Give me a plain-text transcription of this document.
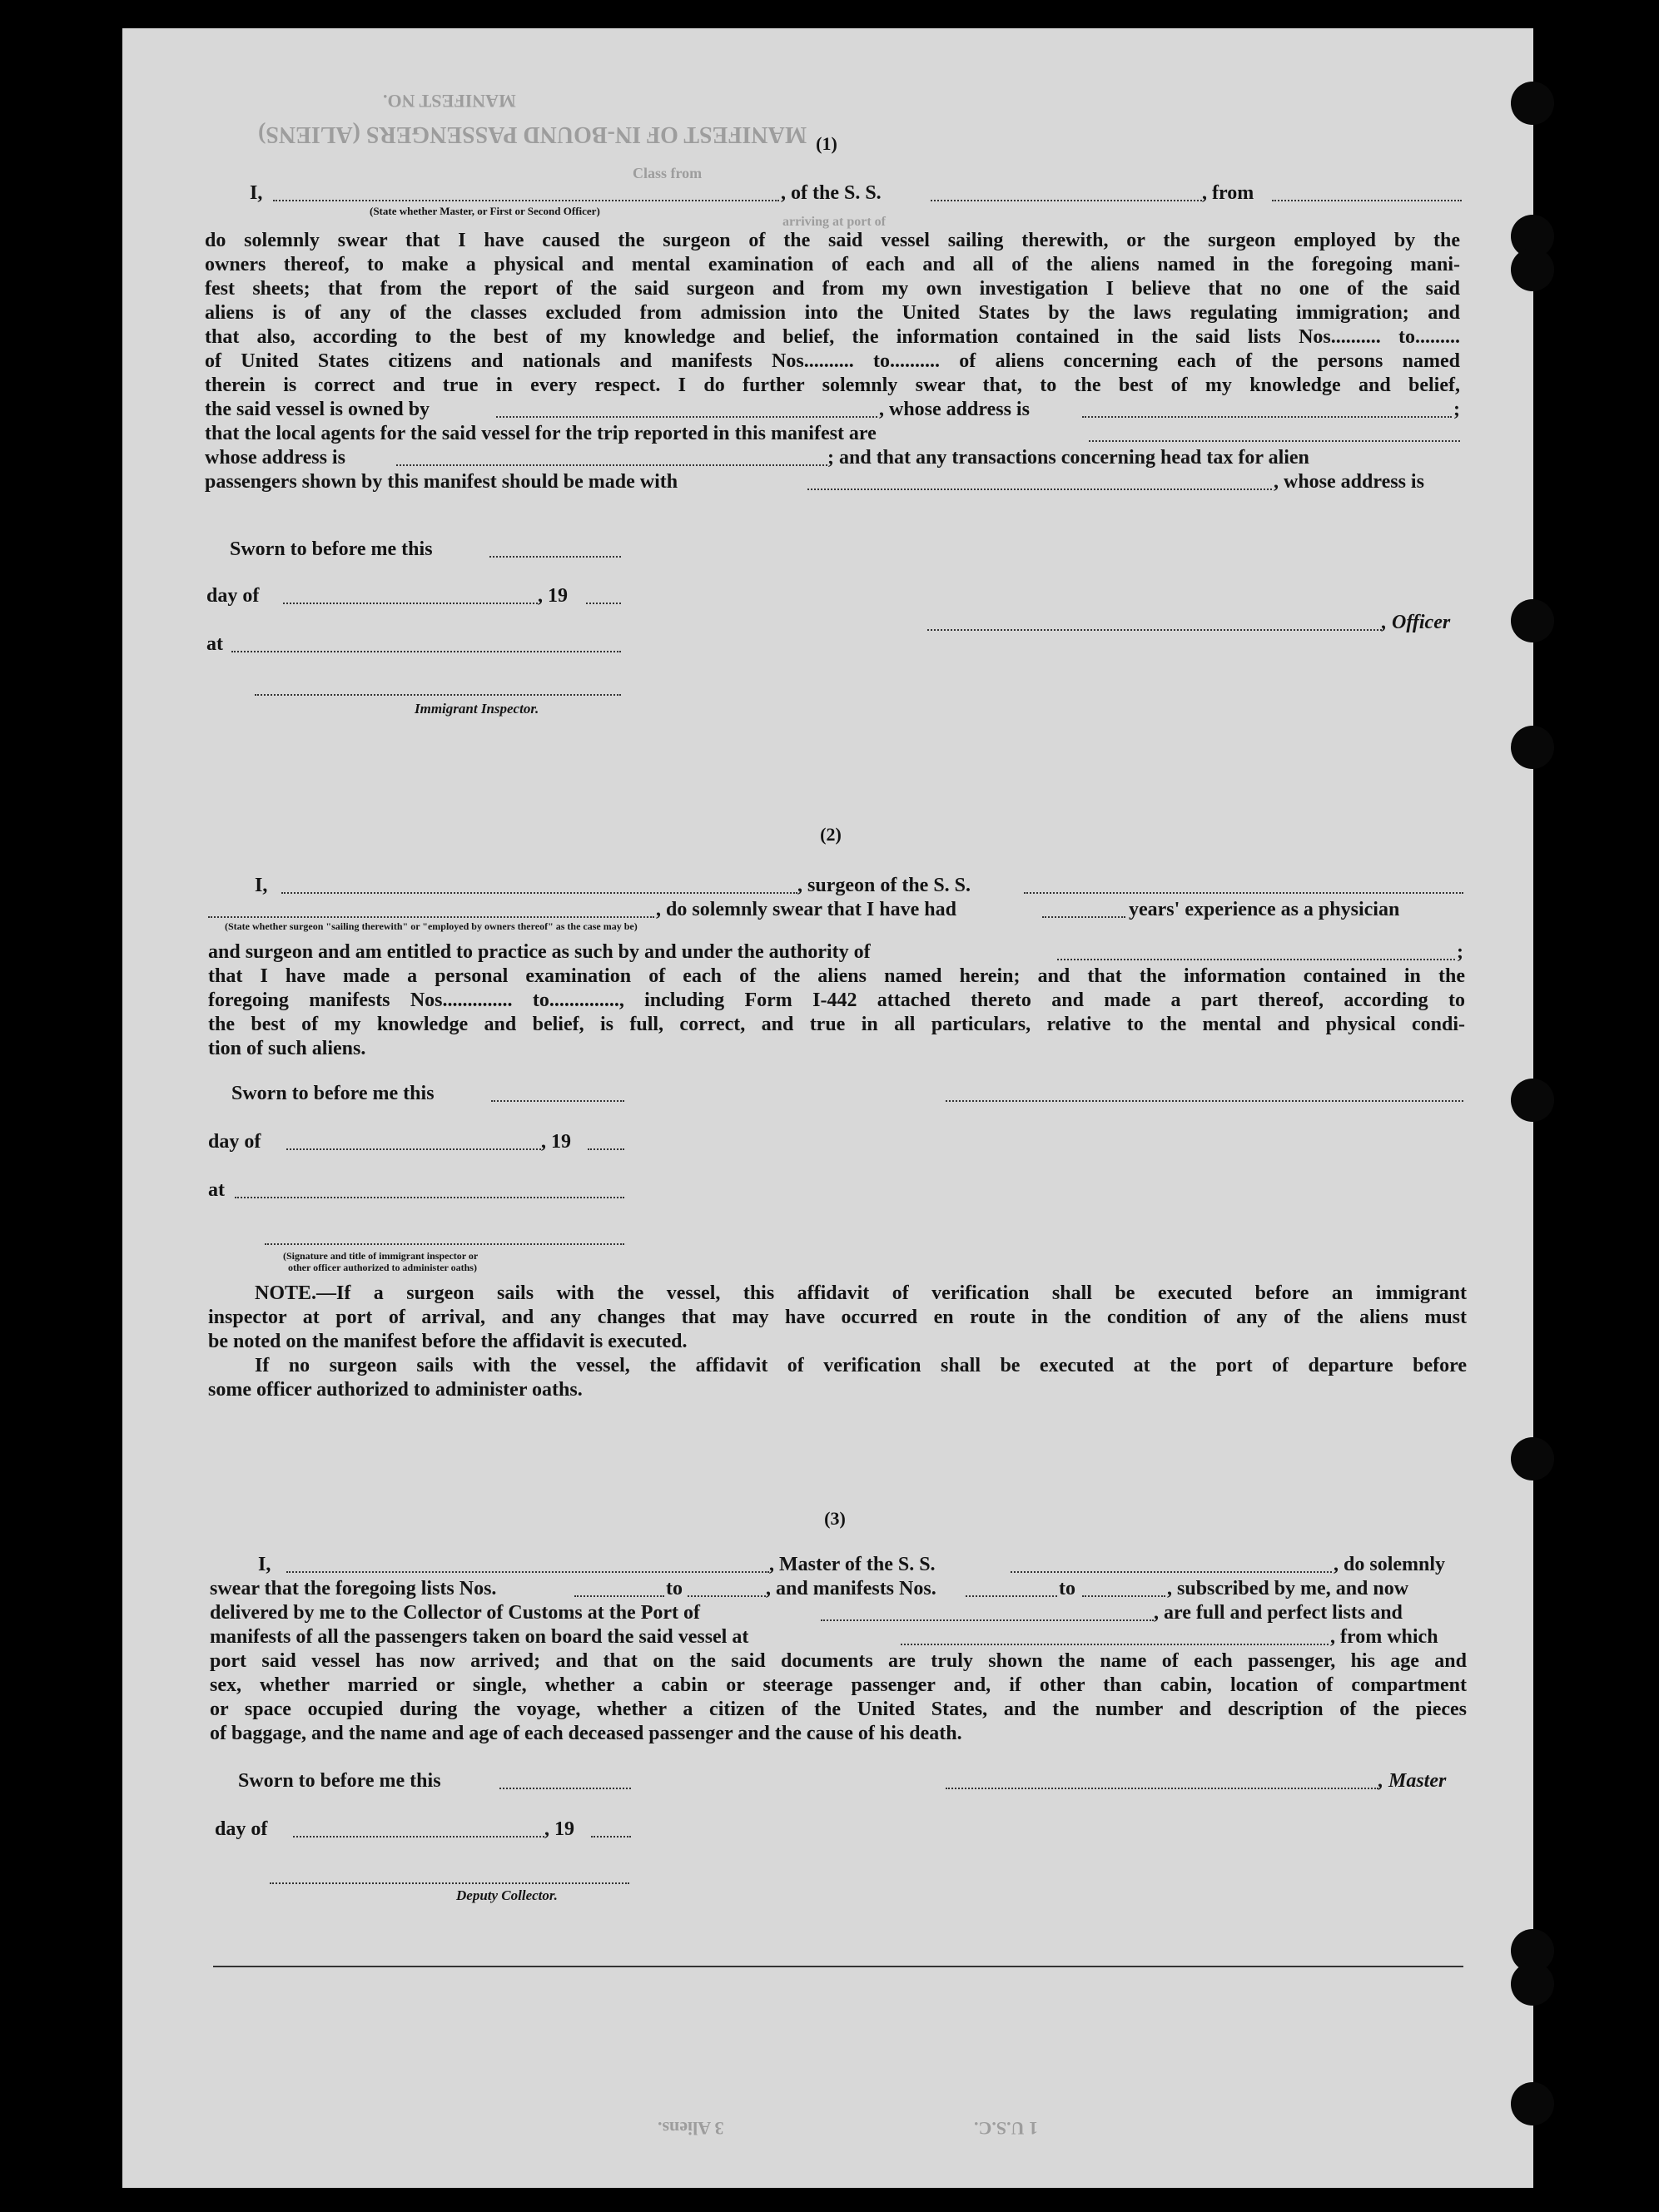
MANIFEST NO.
MANIFEST OF IN-BOUND PASSENGERS (ALIENS)
Class from
arriving at port of
(1)
I,	, of the S. S.	, from
(State whether Master, or First or Second Officer)
do solemnly swear that I have caused the surgeon of the said vessel sailing therewith, or the surgeon employed by the
owners thereof, to make a physical and mental examination of each and all of the aliens named in the foregoing mani-
fest sheets; that from the report of the said surgeon and from my own investigation I believe that no one of the said
aliens is of any of the classes excluded from admission into the United States by the laws regulating immigration; and
that also, according to the best of my knowledge and belief, the information contained in the said lists Nos.......... to.........
of United States citizens and nationals and manifests Nos.......... to.......... of aliens concerning each of the persons named
therein is correct and true in every respect. I do further solemnly swear that, to the best of my knowledge and belief,
the said vessel is owned by	, whose address is	;
that the local agents for the said vessel for the trip reported in this manifest are
whose address is	; and that any transactions concerning head tax for alien
passengers shown by this manifest should be made with	, whose address is
Sworn to before me this
day of	, 19
at
Immigrant Inspector.
, Officer
(2)
I,	, surgeon of the S. S.
, do solemnly swear that I have had	years' experience as a physician
(State whether surgeon "sailing therewith" or "employed by owners thereof" as the case may be)
and surgeon and am entitled to practice as such by and under the authority of	;
that I have made a personal examination of each of the aliens named herein; and that the information contained in the
foregoing manifests Nos.............. to.............., including Form I-442 attached thereto and made a part thereof, according to
the best of my knowledge and belief, is full, correct, and true in all particulars, relative to the mental and physical condi-
tion of such aliens.
Sworn to before me this
day of	, 19
at
(Signature and title of immigrant inspector or
other officer authorized to administer oaths)
NOTE.—If a surgeon sails with the vessel, this affidavit of verification shall be executed before an immigrant
inspector at port of arrival, and any changes that may have occurred en route in the condition of any of the aliens must
be noted on the manifest before the affidavit is executed.
If no surgeon sails with the vessel, the affidavit of verification shall be executed at the port of departure before
some officer authorized to administer oaths.
(3)
I,	, Master of the S. S.	, do solemnly
swear that the foregoing lists Nos.	to	, and manifests Nos.	to	, subscribed by me, and now
delivered by me to the Collector of Customs at the Port of	, are full and perfect lists and
manifests of all the passengers taken on board the said vessel at	, from which
port said vessel has now arrived; and that on the said documents are truly shown the name of each passenger, his age and
sex, whether married or single, whether a cabin or steerage passenger and, if other than cabin, location of compartment
or space occupied during the voyage, whether a citizen of the United States, and the number and description of the pieces
of baggage, and the name and age of each deceased passenger and the cause of his death.
Sworn to before me this	, Master
day of	, 19
Deputy Collector.
3 Aliens.	1 U.S.C.
